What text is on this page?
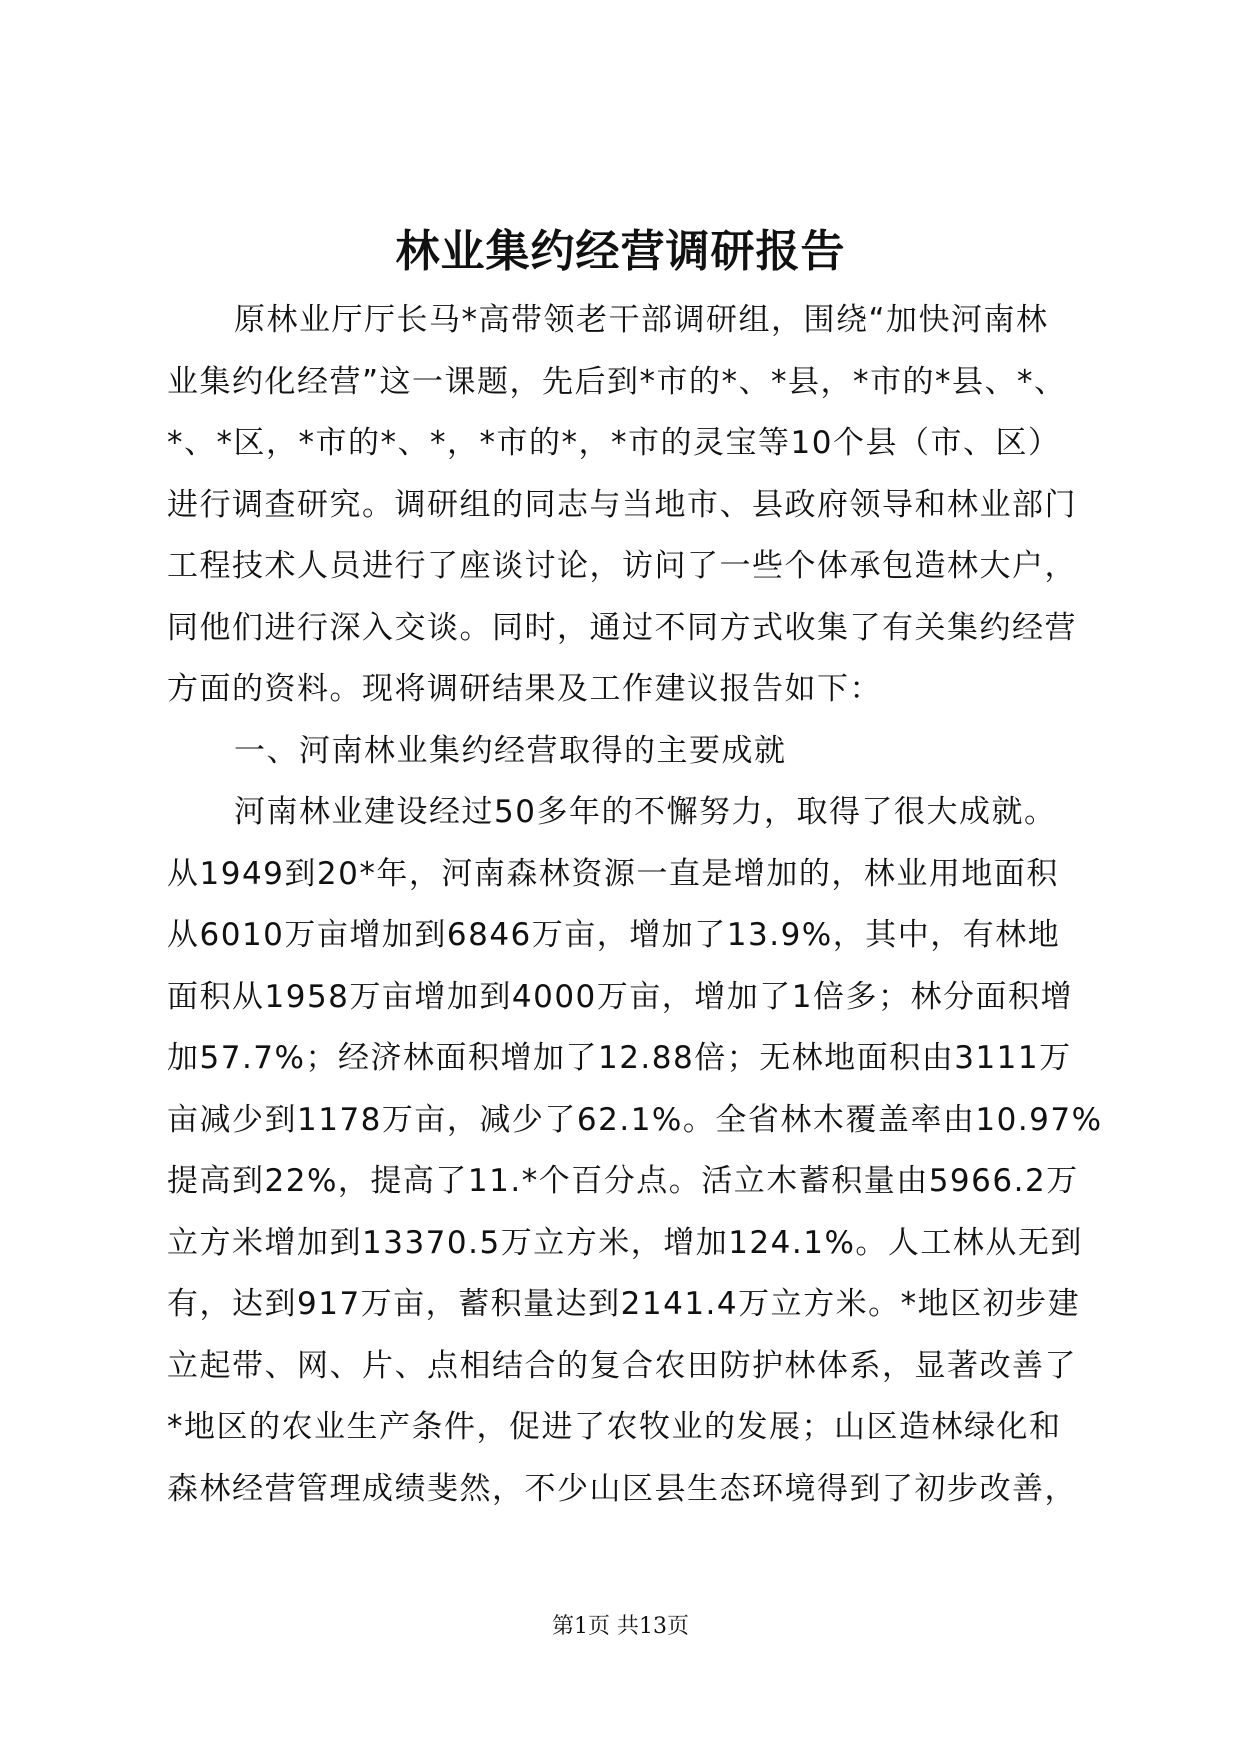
林业集约经营调研报告
原林业厅厅长马*高带领老干部调研组，围绕“加快河南林
业集约化经营”这一课题，先后到*市的*、*县，*市的*县、*、
*、*区，*市的*、*，*市的*，*市的灵宝等10个县（市、区）
进行调查研究。调研组的同志与当地市、县政府领导和林业部门
工程技术人员进行了座谈讨论，访问了一些个体承包造林大户，
同他们进行深入交谈。同时，通过不同方式收集了有关集约经营
方面的资料。现将调研结果及工作建议报告如下：
一、河南林业集约经营取得的主要成就
河南林业建设经过50多年的不懈努力，取得了很大成就。
从1949到20*年，河南森林资源一直是增加的，林业用地面积
从6010万亩增加到6846万亩，增加了13.9%，其中，有林地
面积从1958万亩增加到4000万亩，增加了1倍多；林分面积增
加57.7%；经济林面积增加了12.88倍；无林地面积由3111万
亩减少到1178万亩，减少了62.1%。全省林木覆盖率由10.97%
提高到22%，提高了11.*个百分点。活立木蓄积量由5966.2万
立方米增加到13370.5万立方米，增加124.1%。人工林从无到
有，达到917万亩，蓄积量达到2141.4万立方米。*地区初步建
立起带、网、片、点相结合的复合农田防护林体系，显著改善了
*地区的农业生产条件，促进了农牧业的发展；山区造林绿化和
森林经营管理成绩斐然，不少山区县生态环境得到了初步改善，
第1页 共13页
